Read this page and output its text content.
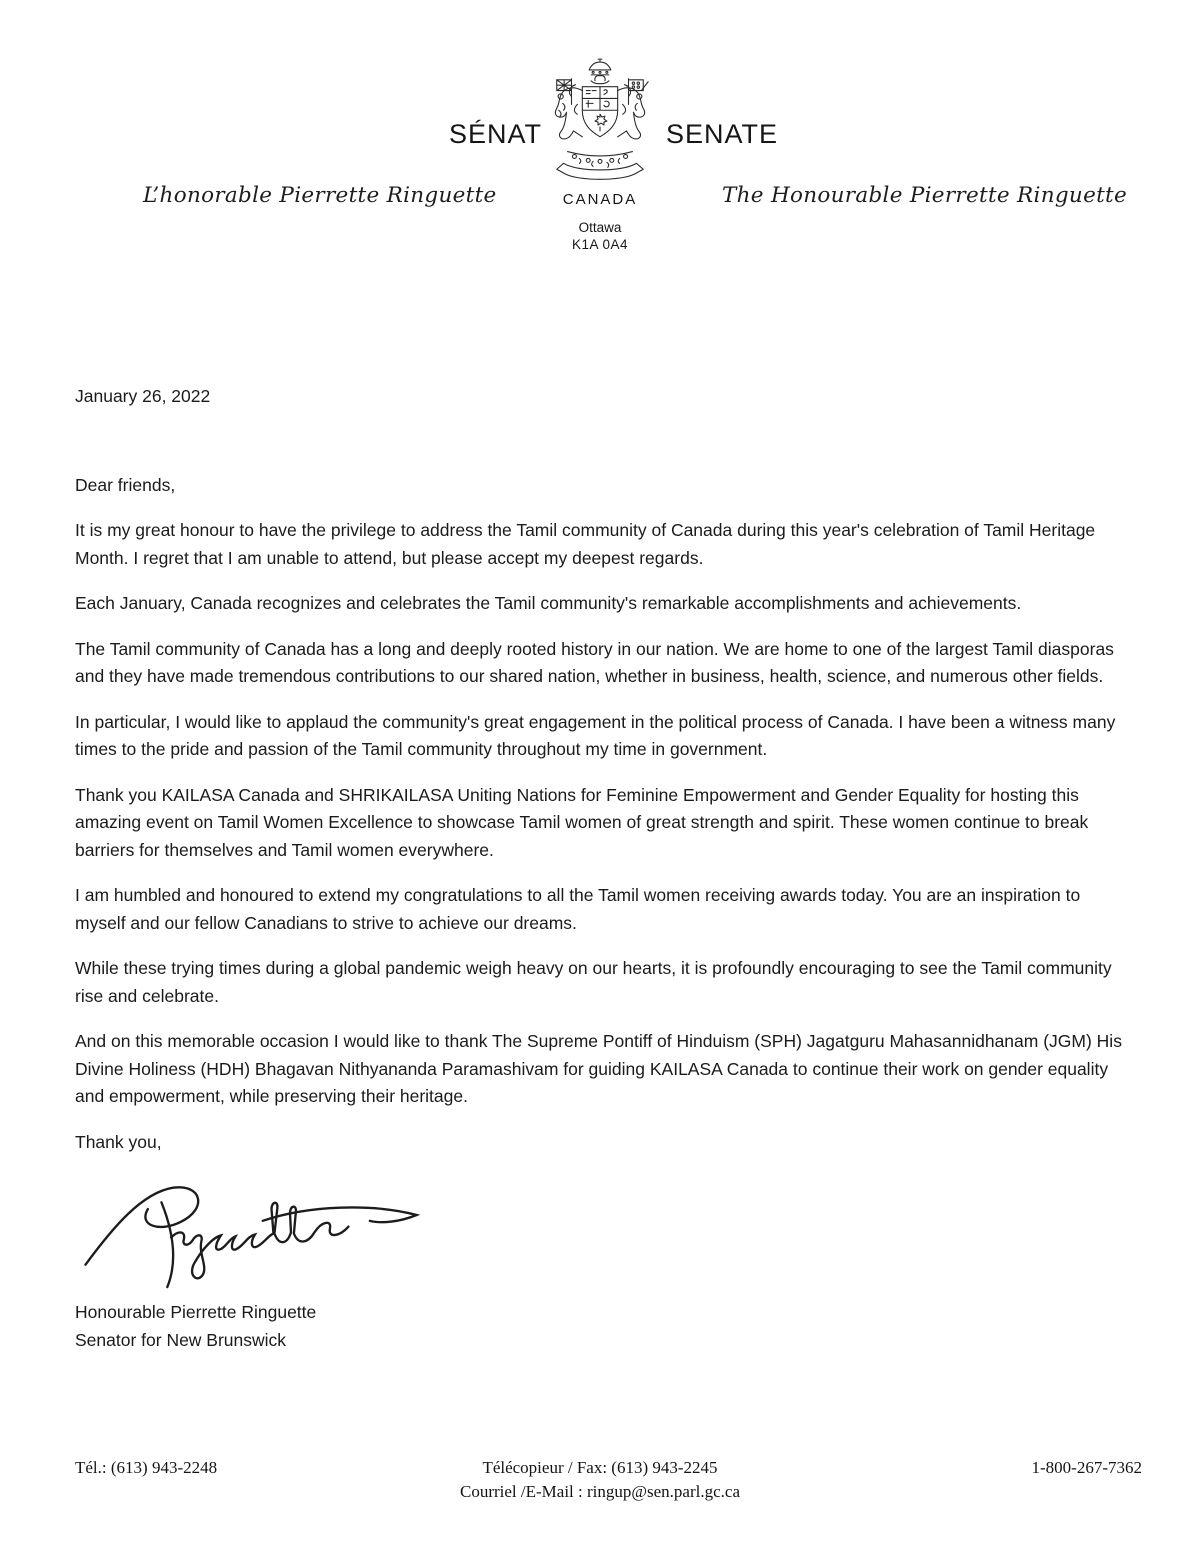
SÉNAT	SENATE
CANADA
L’honorable Pierrette Ringuette	The Honourable Pierrette Ringuette
Ottawa
K1A 0A4

January 26, 2022

Dear friends,

It is my great honour to have the privilege to address the Tamil community of Canada during this year's celebration of Tamil Heritage Month. I regret that I am unable to attend, but please accept my deepest regards.

Each January, Canada recognizes and celebrates the Tamil community's remarkable accomplishments and achievements.

The Tamil community of Canada has a long and deeply rooted history in our nation. We are home to one of the largest Tamil diasporas and they have made tremendous contributions to our shared nation, whether in business, health, science, and numerous other fields.

In particular, I would like to applaud the community's great engagement in the political process of Canada. I have been a witness many times to the pride and passion of the Tamil community throughout my time in government.

Thank you KAILASA Canada and SHRIKAILASA Uniting Nations for Feminine Empowerment and Gender Equality for hosting this amazing event on Tamil Women Excellence to showcase Tamil women of great strength and spirit. These women continue to break barriers for themselves and Tamil women everywhere.

I am humbled and honoured to extend my congratulations to all the Tamil women receiving awards today. You are an inspiration to myself and our fellow Canadians to strive to achieve our dreams.

While these trying times during a global pandemic weigh heavy on our hearts, it is profoundly encouraging to see the Tamil community rise and celebrate.

And on this memorable occasion I would like to thank The Supreme Pontiff of Hinduism (SPH) Jagatguru Mahasannidhanam (JGM) His Divine Holiness (HDH) Bhagavan Nithyananda Paramashivam for guiding KAILASA Canada to continue their work on gender equality and empowerment, while preserving their heritage.

Thank you,

Honourable Pierrette Ringuette

Senator for New Brunswick

Tél.: (613) 943-2248	Télécopieur / Fax: (613) 943-2245
Courriel /E-Mail : ringup@sen.parl.gc.ca
1-800-267-7362
